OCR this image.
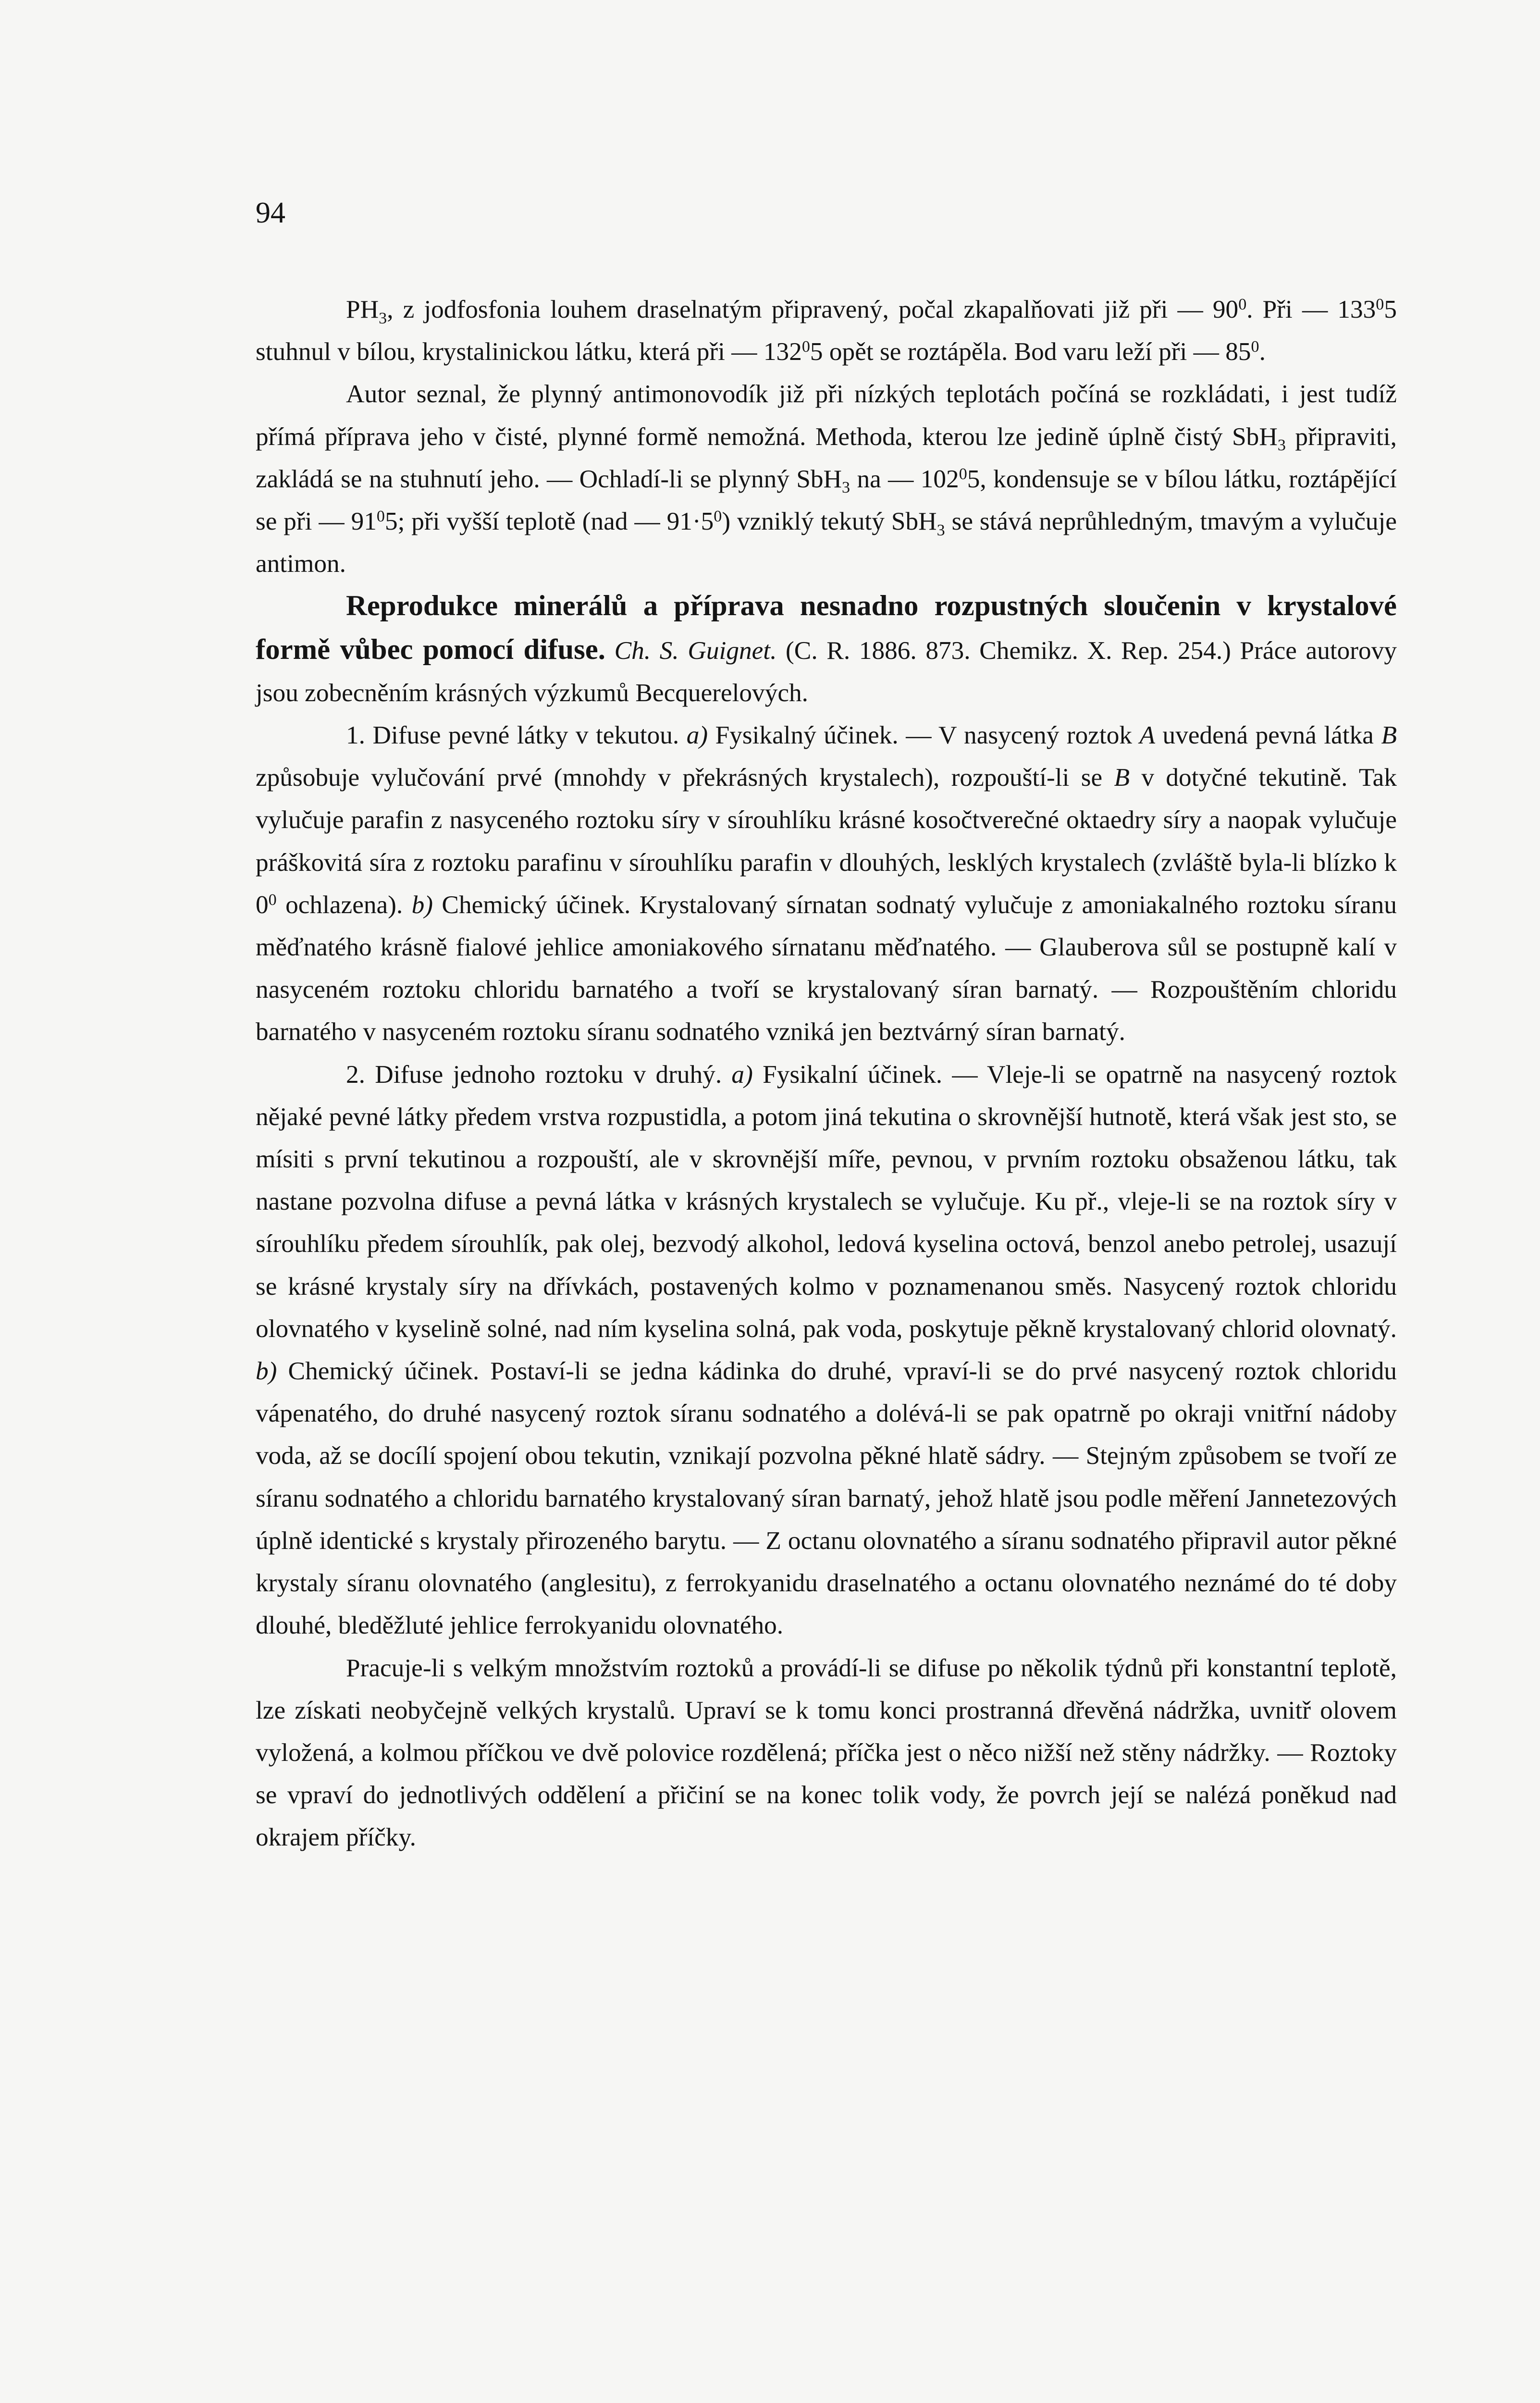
94

$PH_3$, z jodfosfonia louhem draselnatým připravený, počal zkapalňovati již při — $90^0$. Při — $133^05$ stuhnul v bílou, krystalinickou látku, která při — $132^05$ opět se roztápěla. Bod varu leží při — $85^0$.

Autor seznal, že plynný antimonovodík již při nízkých teplotách počíná se rozkládati, i jest tudíž přímá příprava jeho v čisté, plynné formě nemožná. Methoda, kterou lze jedině úplně čistý SbH$_3$ připraviti, zakládá se na stuhnutí jeho. — Ochladí-li se plynný SbH$_3$ na — $102^05$, kondensuje se v bílou látku, roztápějící se při — $91^05$; při vyšší teplotě (nad — $91\cdot 5^0$) vzniklý tekutý SbH$_3$ se stává neprůhledným, tmavým a vylučuje antimon.

Reprodukce minerálů a příprava nesnadno rozpustných sloučenin v krystalové formě vůbec pomocí difuse. Ch. S. Guignet. (C. R. 1886. 873. Chemikz. X. Rep. 254.) Práce autorovy jsou zobecněním krásných výzkumů Becquerelových.

1. Difuse pevné látky v tekutou. a) Fysikalný účinek. — V nasycený roztok A uvedená pevná látka B způsobuje vylučování prvé (mnohdy v překrásných krystalech), rozpouští-li se B v dotyčné tekutině. Tak vylučuje parafin z nasyceného roztoku síry v sírouhlíku krásné kosočtverečné oktaedry síry a naopak vylučuje práškovitá síra z roztoku parafinu v sírouhlíku parafin v dlouhých, lesklých krystalech (zvláště byla-li blízko k $0^0$ ochlazena). b) Chemický účinek. Krystalovaný sírnatan sodnatý vylučuje z amoniakalného roztoku síranu měďnatého krásně fialové jehlice amoniakového sírnatanu měďnatého. — Glauberova sůl se postupně kalí v nasyceném roztoku chloridu barnatého a tvoří se krystalovaný síran barnatý. — Rozpouštěním chloridu barnatého v nasyceném roztoku síranu sodnatého vzniká jen beztvárný síran barnatý.

2. Difuse jednoho roztoku v druhý. a) Fysikalní účinek. — Vleje-li se opatrně na nasycený roztok nějaké pevné látky předem vrstva rozpustidla, a potom jiná tekutina o skrovnější hutnotě, která však jest sto, se mísiti s první tekutinou a rozpouští, ale v skrovnější míře, pevnou, v prvním roztoku obsaženou látku, tak nastane pozvolna difuse a pevná látka v krásných krystalech se vylučuje. Ku př., vleje-li se na roztok síry v sírouhlíku předem sírouhlík, pak olej, bezvodý alkohol, ledová kyselina octová, benzol anebo petrolej, usazují se krásné krystaly síry na dřívkách, postavených kolmo v poznamenanou směs. Nasycený roztok chloridu olovnatého v kyselině solné, nad ním kyselina solná, pak voda, poskytuje pěkně krystalovaný chlorid olovnatý. b) Chemický účinek. Postaví-li se jedna kádinka do druhé, vpraví-li se do prvé nasycený roztok chloridu vápenatého, do druhé nasycený roztok síranu sodnatého a dolévá-li se pak opatrně po okraji vnitřní nádoby voda, až se docílí spojení obou tekutin, vznikají pozvolna pěkné hlatě sádry. — Stejným způsobem se tvoří ze síranu sodnatého a chloridu barnatého krystalovaný síran barnatý, jehož hlatě jsou podle měření Jannetezových úplně identické s krystaly přirozeného barytu. — Z octanu olovnatého a síranu sodnatého připravil autor pěkné krystaly síranu olovnatého (anglesitu), z ferrokyanidu draselnatého a octanu olovnatého neznámé do té doby dlouhé, bleděžluté jehlice ferrokyanidu olovnatého.

Pracuje-li s velkým množstvím roztoků a provádí-li se difuse po několik týdnů při konstantní teplotě, lze získati neobyčejně velkých krystalů. Upraví se k tomu konci prostranná dřevěná nádržka, uvnitř olovem vyložená, a kolmou příčkou ve dvě polovice rozdělená; příčka jest o něco nižší než stěny nádržky. — Roztoky se vpraví do jednotlivých oddělení a přičiní se na konec tolik vody, že povrch její se nalézá poněkud nad okrajem příčky.
